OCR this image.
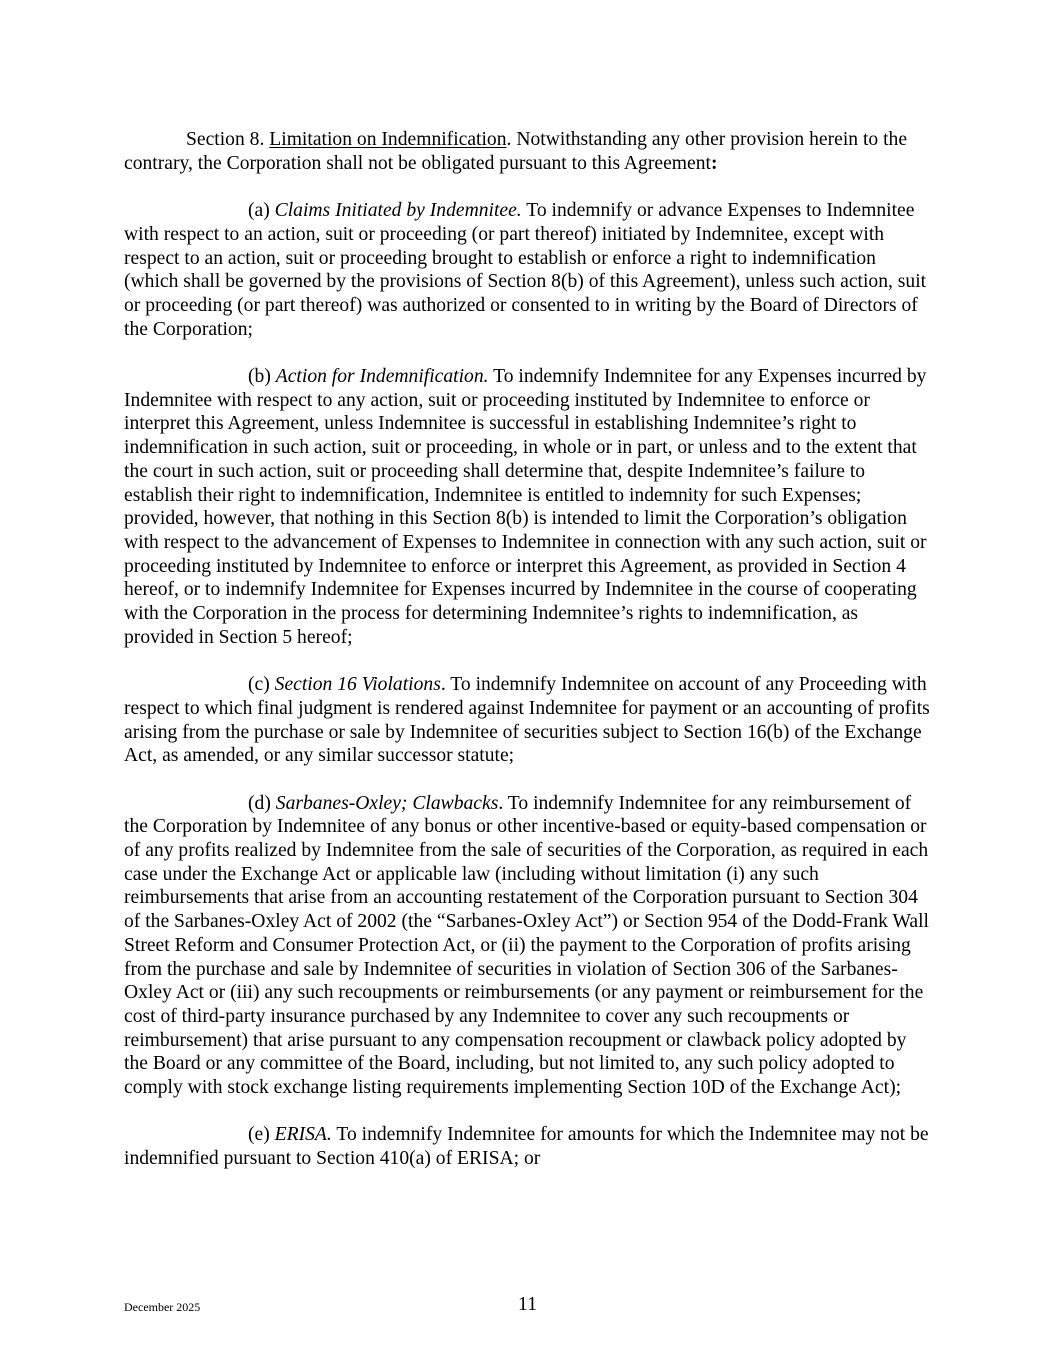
Section 8. Limitation on Indemnification. Notwithstanding any other provision herein to the contrary, the Corporation shall not be obligated pursuant to this Agreement:

(a) Claims Initiated by Indemnitee. To indemnify or advance Expenses to Indemnitee with respect to an action, suit or proceeding (or part thereof) initiated by Indemnitee, except with respect to an action, suit or proceeding brought to establish or enforce a right to indemnification (which shall be governed by the provisions of Section 8(b) of this Agreement), unless such action, suit or proceeding (or part thereof) was authorized or consented to in writing by the Board of Directors of the Corporation;

(b) Action for Indemnification. To indemnify Indemnitee for any Expenses incurred by Indemnitee with respect to any action, suit or proceeding instituted by Indemnitee to enforce or interpret this Agreement, unless Indemnitee is successful in establishing Indemnitee’s right to indemnification in such action, suit or proceeding, in whole or in part, or unless and to the extent that the court in such action, suit or proceeding shall determine that, despite Indemnitee’s failure to establish their right to indemnification, Indemnitee is entitled to indemnity for such Expenses; provided, however, that nothing in this Section 8(b) is intended to limit the Corporation’s obligation with respect to the advancement of Expenses to Indemnitee in connection with any such action, suit or proceeding instituted by Indemnitee to enforce or interpret this Agreement, as provided in Section 4 hereof, or to indemnify Indemnitee for Expenses incurred by Indemnitee in the course of cooperating with the Corporation in the process for determining Indemnitee’s rights to indemnification, as provided in Section 5 hereof;

(c) Section 16 Violations. To indemnify Indemnitee on account of any Proceeding with respect to which final judgment is rendered against Indemnitee for payment or an accounting of profits arising from the purchase or sale by Indemnitee of securities subject to Section 16(b) of the Exchange Act, as amended, or any similar successor statute;

(d) Sarbanes-Oxley; Clawbacks. To indemnify Indemnitee for any reimbursement of the Corporation by Indemnitee of any bonus or other incentive-based or equity-based compensation or of any profits realized by Indemnitee from the sale of securities of the Corporation, as required in each case under the Exchange Act or applicable law (including without limitation (i) any such reimbursements that arise from an accounting restatement of the Corporation pursuant to Section 304 of the Sarbanes-Oxley Act of 2002 (the “Sarbanes-Oxley Act”) or Section 954 of the Dodd-Frank Wall Street Reform and Consumer Protection Act, or (ii) the payment to the Corporation of profits arising from the purchase and sale by Indemnitee of securities in violation of Section 306 of the Sarbanes-Oxley Act or (iii) any such recoupments or reimbursements (or any payment or reimbursement for the cost of third-party insurance purchased by any Indemnitee to cover any such recoupments or reimbursement) that arise pursuant to any compensation recoupment or clawback policy adopted by the Board or any committee of the Board, including, but not limited to, any such policy adopted to comply with stock exchange listing requirements implementing Section 10D of the Exchange Act);

(e) ERISA. To indemnify Indemnitee for amounts for which the Indemnitee may not be indemnified pursuant to Section 410(a) of ERISA; or

December 2025	11
